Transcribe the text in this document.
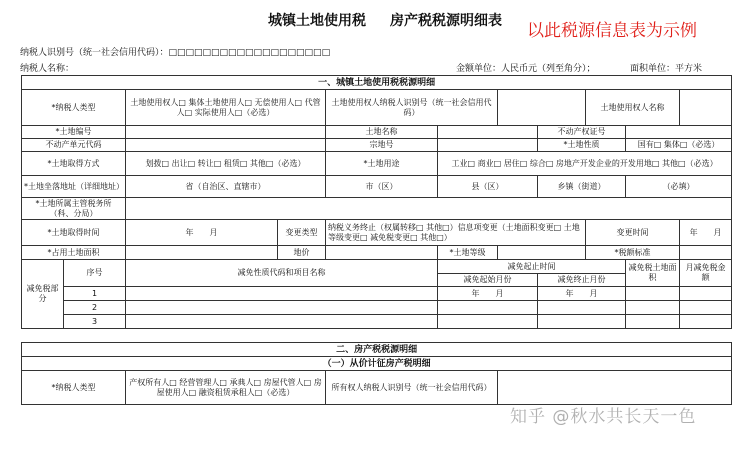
城镇土地使用税 房产税税源明细表 以此税源信息表为示例
纳税人识别号（统一社会信用代码）：□□□□□□□□□□□□□□□□□□□
纳税人名称：	金额单位：人民币元（列至角分）；	面积单位：平方米
一、城镇土地使用税税源明细										
*纳税人类型		土地使用权人□ 集体土地使用人□ 无偿使用人□ 代管人□ 实际使用人□（必选）		土地使用权人纳税人识别号（统一社会信用代码）				土地使用权人名称		
*土地编号				土地名称			不动产权证号			
不动产单元代码				宗地号			*土地性质		国有□ 集体□（必选）	
*土地取得方式		划拨□ 出让□ 转让□ 租赁□ 其他□（必选）		*土地用途	工业□ 商业□ 居住□ 综合□ 房地产开发企业的开发用地□ 其他□（必选）					
*土地坐落地址（详细地址）		省（自治区、直辖市）		市（区）	县（区）		乡镇（街道）		（必填）	
*土地所属主管税务所（科、分局）										
*土地取得时间		年　　月	变更类型	纳税义务终止（权属转移□ 其他□）信息项变更（土地面积变更□ 土地等级变更□ 减免税变更□ 其他□）				变更时间		年　　月
*占用土地面积			地价		*土地等级			*税额标准		
减免税部分	序号	减免性质代码和项目名称			减免起止时间				减免税土地面积	月减免税金额
					减免起始月份		减免终止月份			
	1				年　　月		年　　月			
	2									
	3									

二、房产税税源明细										
（一）从价计征房产税明细										
*纳税人类型		产权所有人□ 经营管理人□ 承典人□ 房屋代管人□ 房屋使用人□ 融资租赁承租人□（必选）		所有权人纳税人识别号（统一社会信用代码）						
知乎 @秋水共长天一色
